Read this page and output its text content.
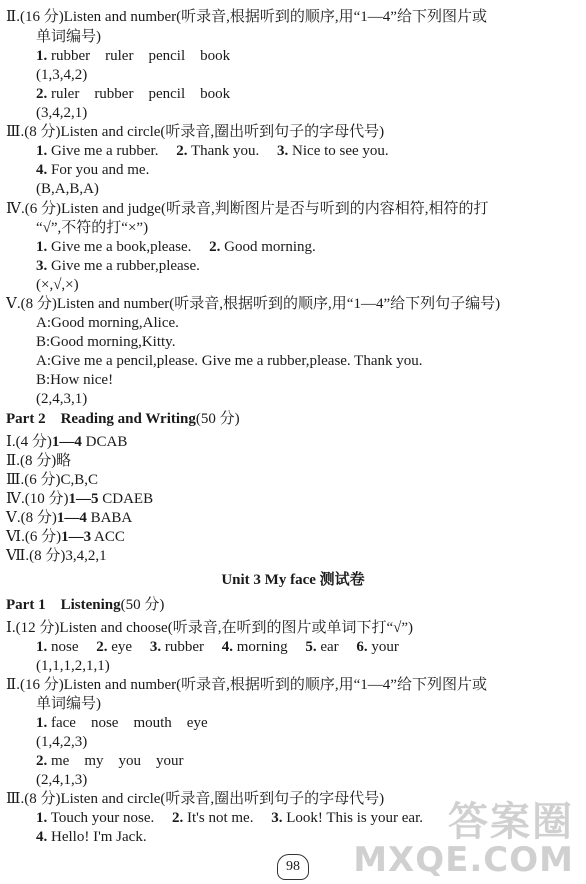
Ⅱ.(16 分)Listen and number(听录音,根据听到的顺序,用“1—4”给下列图片或
单词编号)
1. rubber    ruler    pencil    book
(1,3,4,2)
2. ruler    rubber    pencil    book
(3,4,2,1)
Ⅲ.(8 分)Listen and circle(听录音,圈出听到句子的字母代号)
1. Give me a rubber. 2. Thank you. 3. Nice to see you.
4. For you and me.
(B,A,B,A)
Ⅳ.(6 分)Listen and judge(听录音,判断图片是否与听到的内容相符,相符的打
“√”,不符的打“×”)
1. Give me a book,please. 2. Good morning.
3. Give me a rubber,please.
(×,√,×)
Ⅴ.(8 分)Listen and number(听录音,根据听到的顺序,用“1—4”给下列句子编号)
A:Good morning,Alice.
B:Good morning,Kitty.
A:Give me a pencil,please. Give me a rubber,please. Thank you.
B:How nice!
(2,4,3,1)
Part 2    Reading and Writing(50 分)
Ⅰ.(4 分)1—4 DCAB
Ⅱ.(8 分)略
Ⅲ.(6 分)C,B,C
Ⅳ.(10 分)1—5 CDAEB
Ⅴ.(8 分)1—4 BABA
Ⅵ.(6 分)1—3 ACC
Ⅶ.(8 分)3,4,2,1
Unit 3 My face 测试卷
Part 1    Listening(50 分)
Ⅰ.(12 分)Listen and choose(听录音,在听到的图片或单词下打“√”)
1. nose 2. eye 3. rubber 4. morning 5. ear 6. your
(1,1,1,2,1,1)
Ⅱ.(16 分)Listen and number(听录音,根据听到的顺序,用“1—4”给下列图片或
单词编号)
1. face    nose    mouth    eye
(1,4,2,3)
2. me    my    you    your
(2,4,1,3)
Ⅲ.(8 分)Listen and circle(听录音,圈出听到句子的字母代号)
1. Touch your nose. 2. It's not me. 3. Look! This is your ear.
4. Hello! I'm Jack.
98
答案圈
MXQE.COM
